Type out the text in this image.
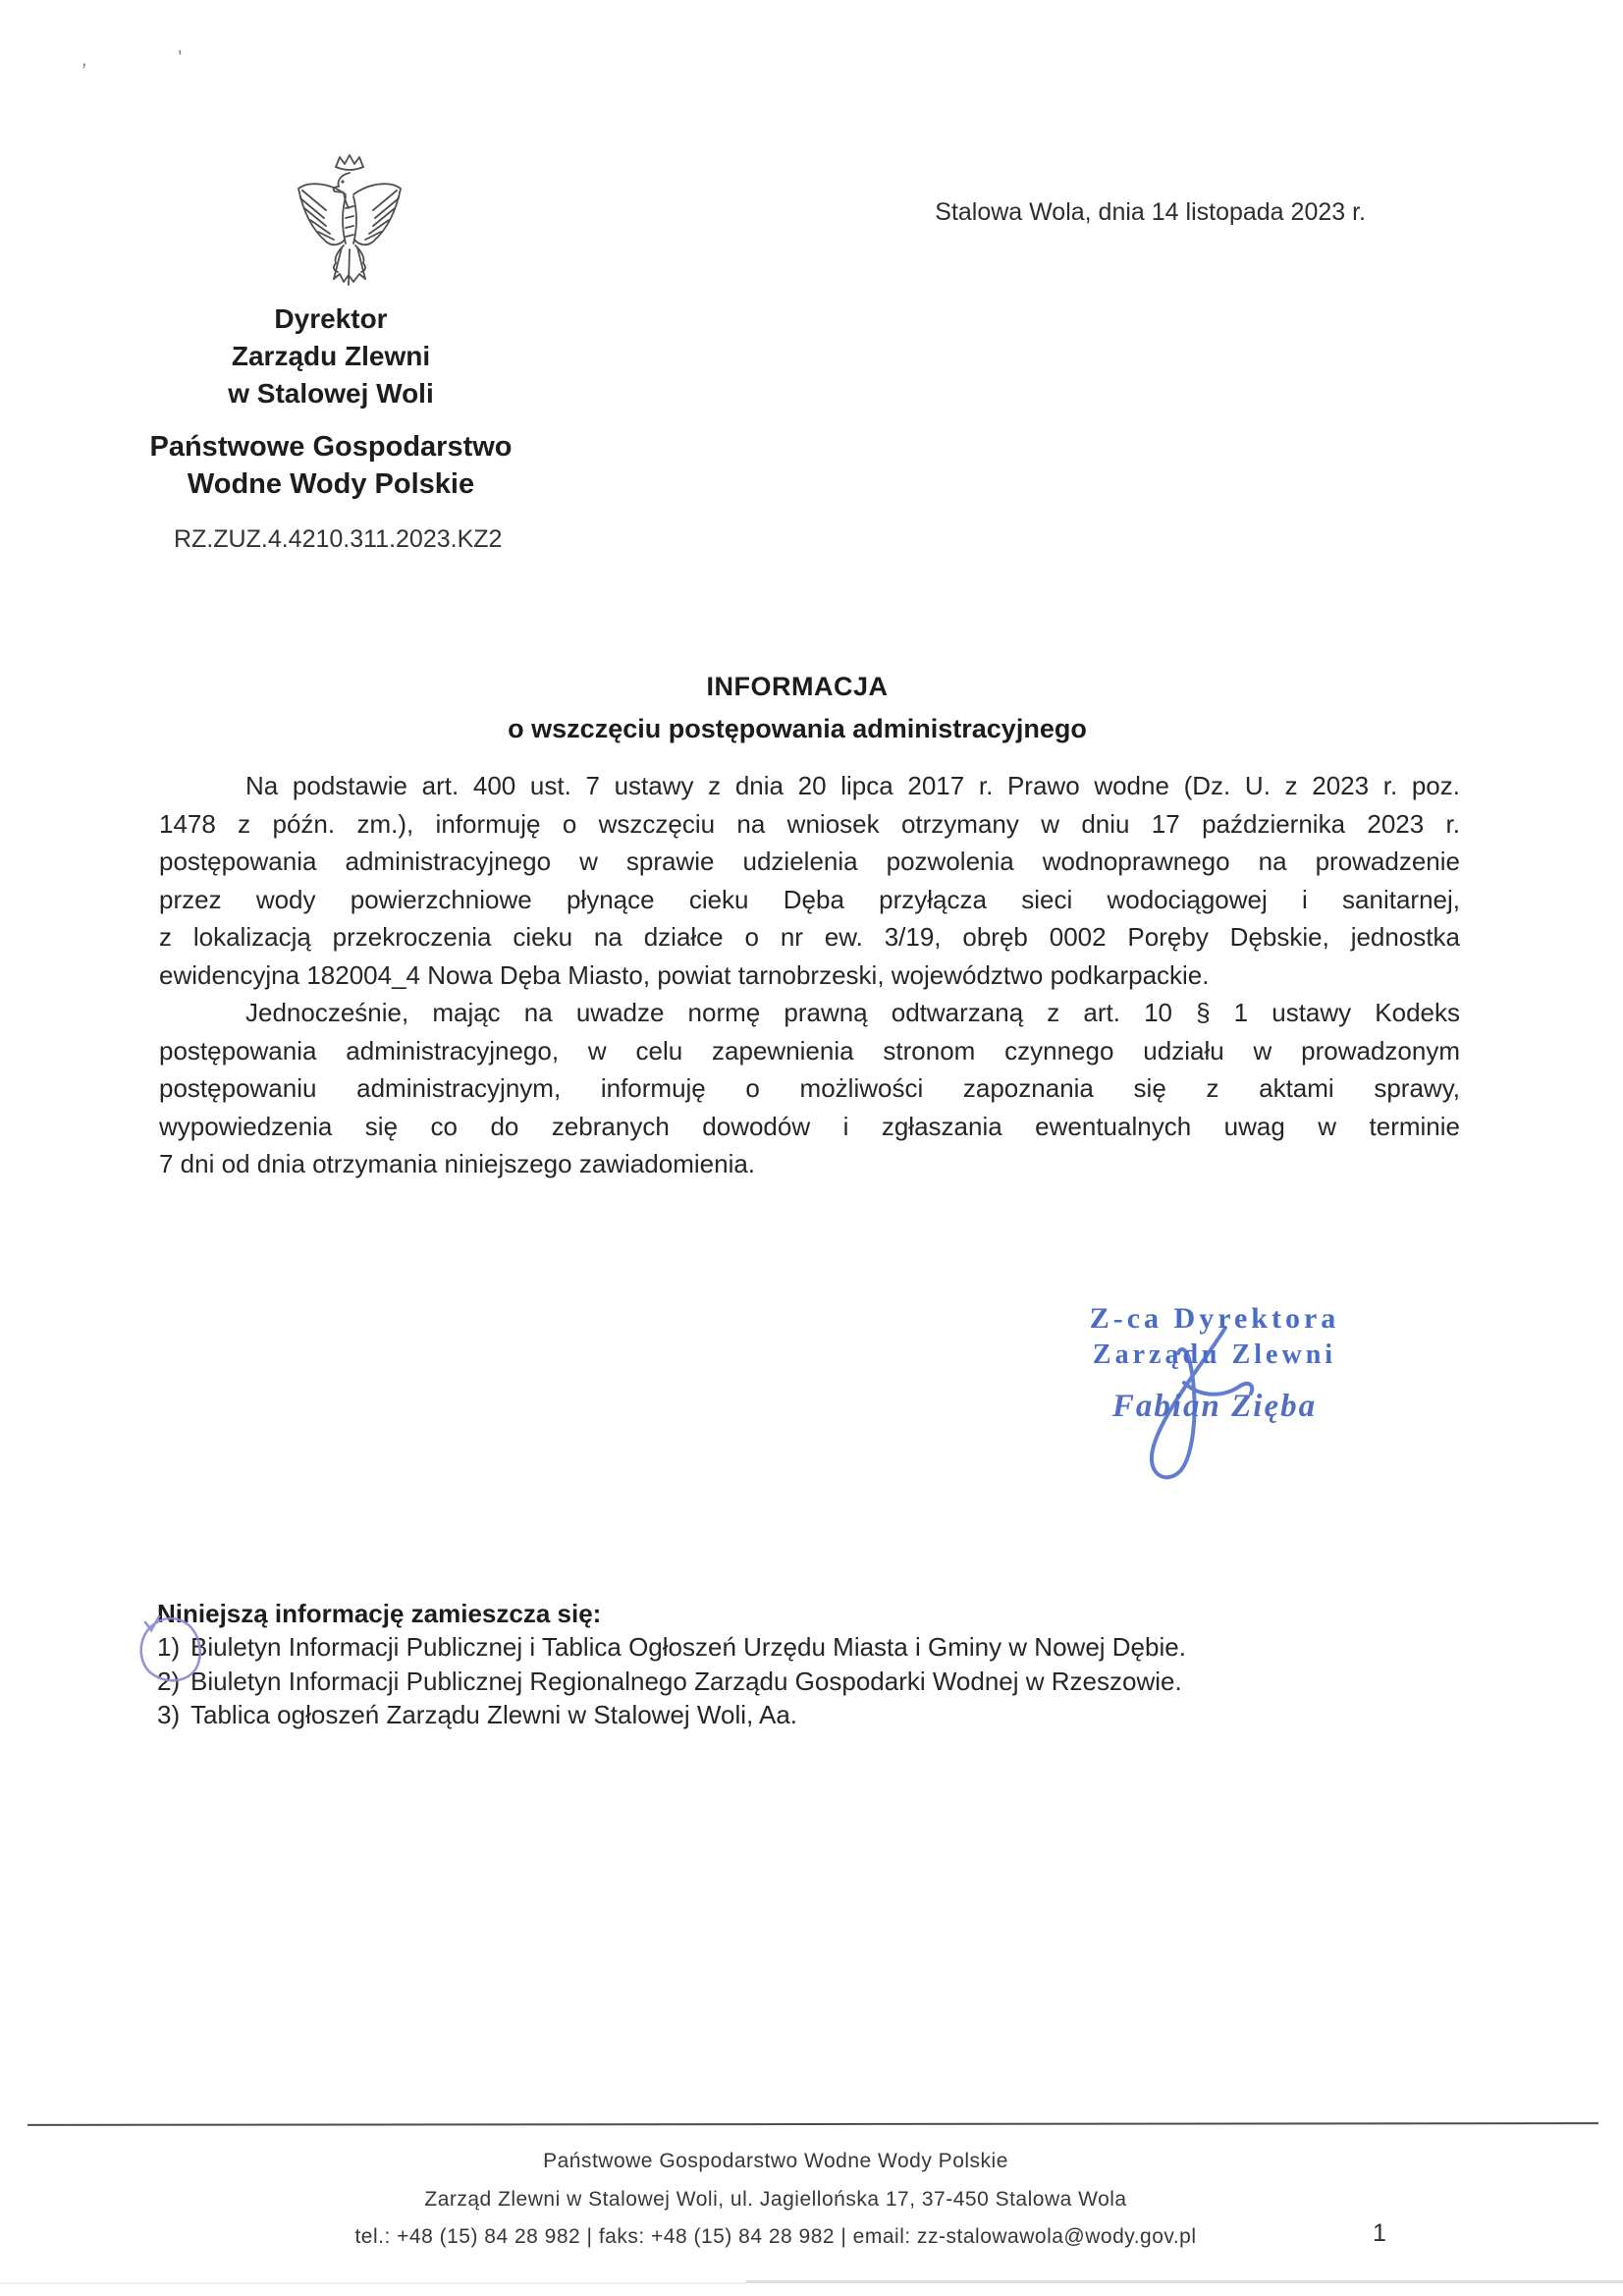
,	'
Stalowa Wola, dnia 14 listopada 2023 r.
Dyrektor
Zarządu Zlewni
w Stalowej Woli
Państwowe Gospodarstwo
Wodne Wody Polskie
RZ.ZUZ.4.4210.311.2023.KZ2
INFORMACJA
o wszczęciu postępowania administracyjnego
Na podstawie art. 400 ust. 7 ustawy z dnia 20 lipca 2017 r. Prawo wodne (Dz. U. z 2023 r. poz.
1478 z późn. zm.), informuję o wszczęciu na wniosek otrzymany w dniu 17 października 2023 r.
postępowania administracyjnego w sprawie udzielenia pozwolenia wodnoprawnego na prowadzenie
przez wody powierzchniowe płynące cieku Dęba przyłącza sieci wodociągowej i sanitarnej,
z lokalizacją przekroczenia cieku na działce o nr ew. 3/19, obręb 0002 Poręby Dębskie, jednostka
ewidencyjna 182004_4 Nowa Dęba Miasto, powiat tarnobrzeski, województwo podkarpackie.
Jednocześnie, mając na uwadze normę prawną odtwarzaną z art. 10 § 1 ustawy Kodeks
postępowania administracyjnego, w celu zapewnienia stronom czynnego udziału w prowadzonym
postępowaniu administracyjnym, informuję o możliwości zapoznania się z aktami sprawy,
wypowiedzenia się co do zebranych dowodów i zgłaszania ewentualnych uwag w terminie
7 dni od dnia otrzymania niniejszego zawiadomienia.
Z-ca Dyrektora
Zarządu Zlewni
Fabian Zięba
Niniejszą informację zamieszcza się:
1) Biuletyn Informacji Publicznej i Tablica Ogłoszeń Urzędu Miasta i Gminy w Nowej Dębie.
2) Biuletyn Informacji Publicznej Regionalnego Zarządu Gospodarki Wodnej w Rzeszowie.
3) Tablica ogłoszeń Zarządu Zlewni w Stalowej Woli, Aa.
Państwowe Gospodarstwo Wodne Wody Polskie
Zarząd Zlewni w Stalowej Woli, ul. Jagiellońska 17, 37-450 Stalowa Wola
tel.: +48 (15) 84 28 982 | faks: +48 (15) 84 28 982 | email: zz-stalowawola@wody.gov.pl	1
